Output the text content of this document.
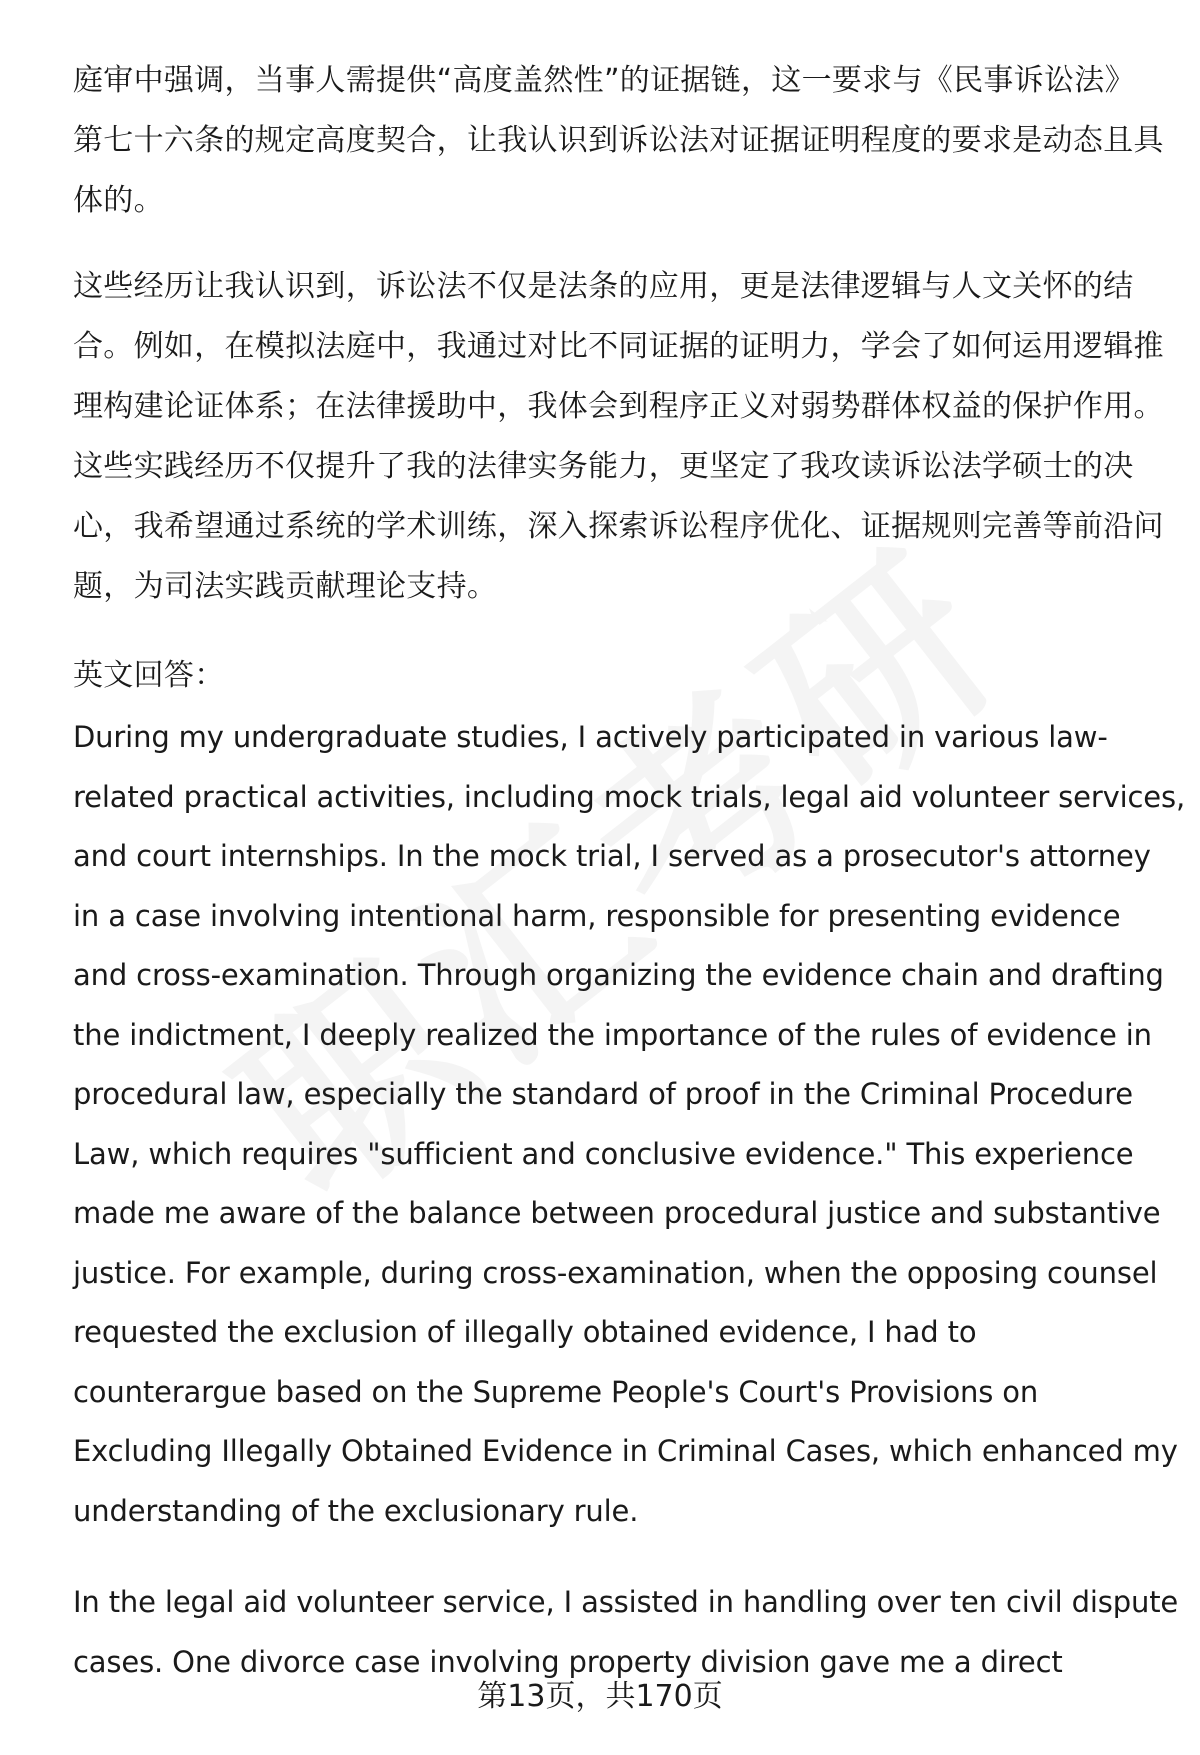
庭审中强调，当事人需提供“高度盖然性”的证据链，这一要求与《民事诉讼法》
第七十六条的规定高度契合，让我认识到诉讼法对证据证明程度的要求是动态且具
体的。

这些经历让我认识到，诉讼法不仅是法条的应用，更是法律逻辑与人文关怀的结
合。例如，在模拟法庭中，我通过对比不同证据的证明力，学会了如何运用逻辑推
理构建论证体系；在法律援助中，我体会到程序正义对弱势群体权益的保护作用。
这些实践经历不仅提升了我的法律实务能力，更坚定了我攻读诉讼法学硕士的决
心，我希望通过系统的学术训练，深入探索诉讼程序优化、证据规则完善等前沿问
题，为司法实践贡献理论支持。

英文回答：

During my undergraduate studies, I actively participated in various law-
related practical activities, including mock trials, legal aid volunteer services,
and court internships. In the mock trial, I served as a prosecutor's attorney
in a case involving intentional harm, responsible for presenting evidence
and cross-examination. Through organizing the evidence chain and drafting
the indictment, I deeply realized the importance of the rules of evidence in
procedural law, especially the standard of proof in the Criminal Procedure
Law, which requires "sufficient and conclusive evidence." This experience
made me aware of the balance between procedural justice and substantive
justice. For example, during cross-examination, when the opposing counsel
requested the exclusion of illegally obtained evidence, I had to
counterargue based on the Supreme People's Court's Provisions on
Excluding Illegally Obtained Evidence in Criminal Cases, which enhanced my
understanding of the exclusionary rule.

In the legal aid volunteer service, I assisted in handling over ten civil dispute
cases. One divorce case involving property division gave me a direct

第13页，共170页
